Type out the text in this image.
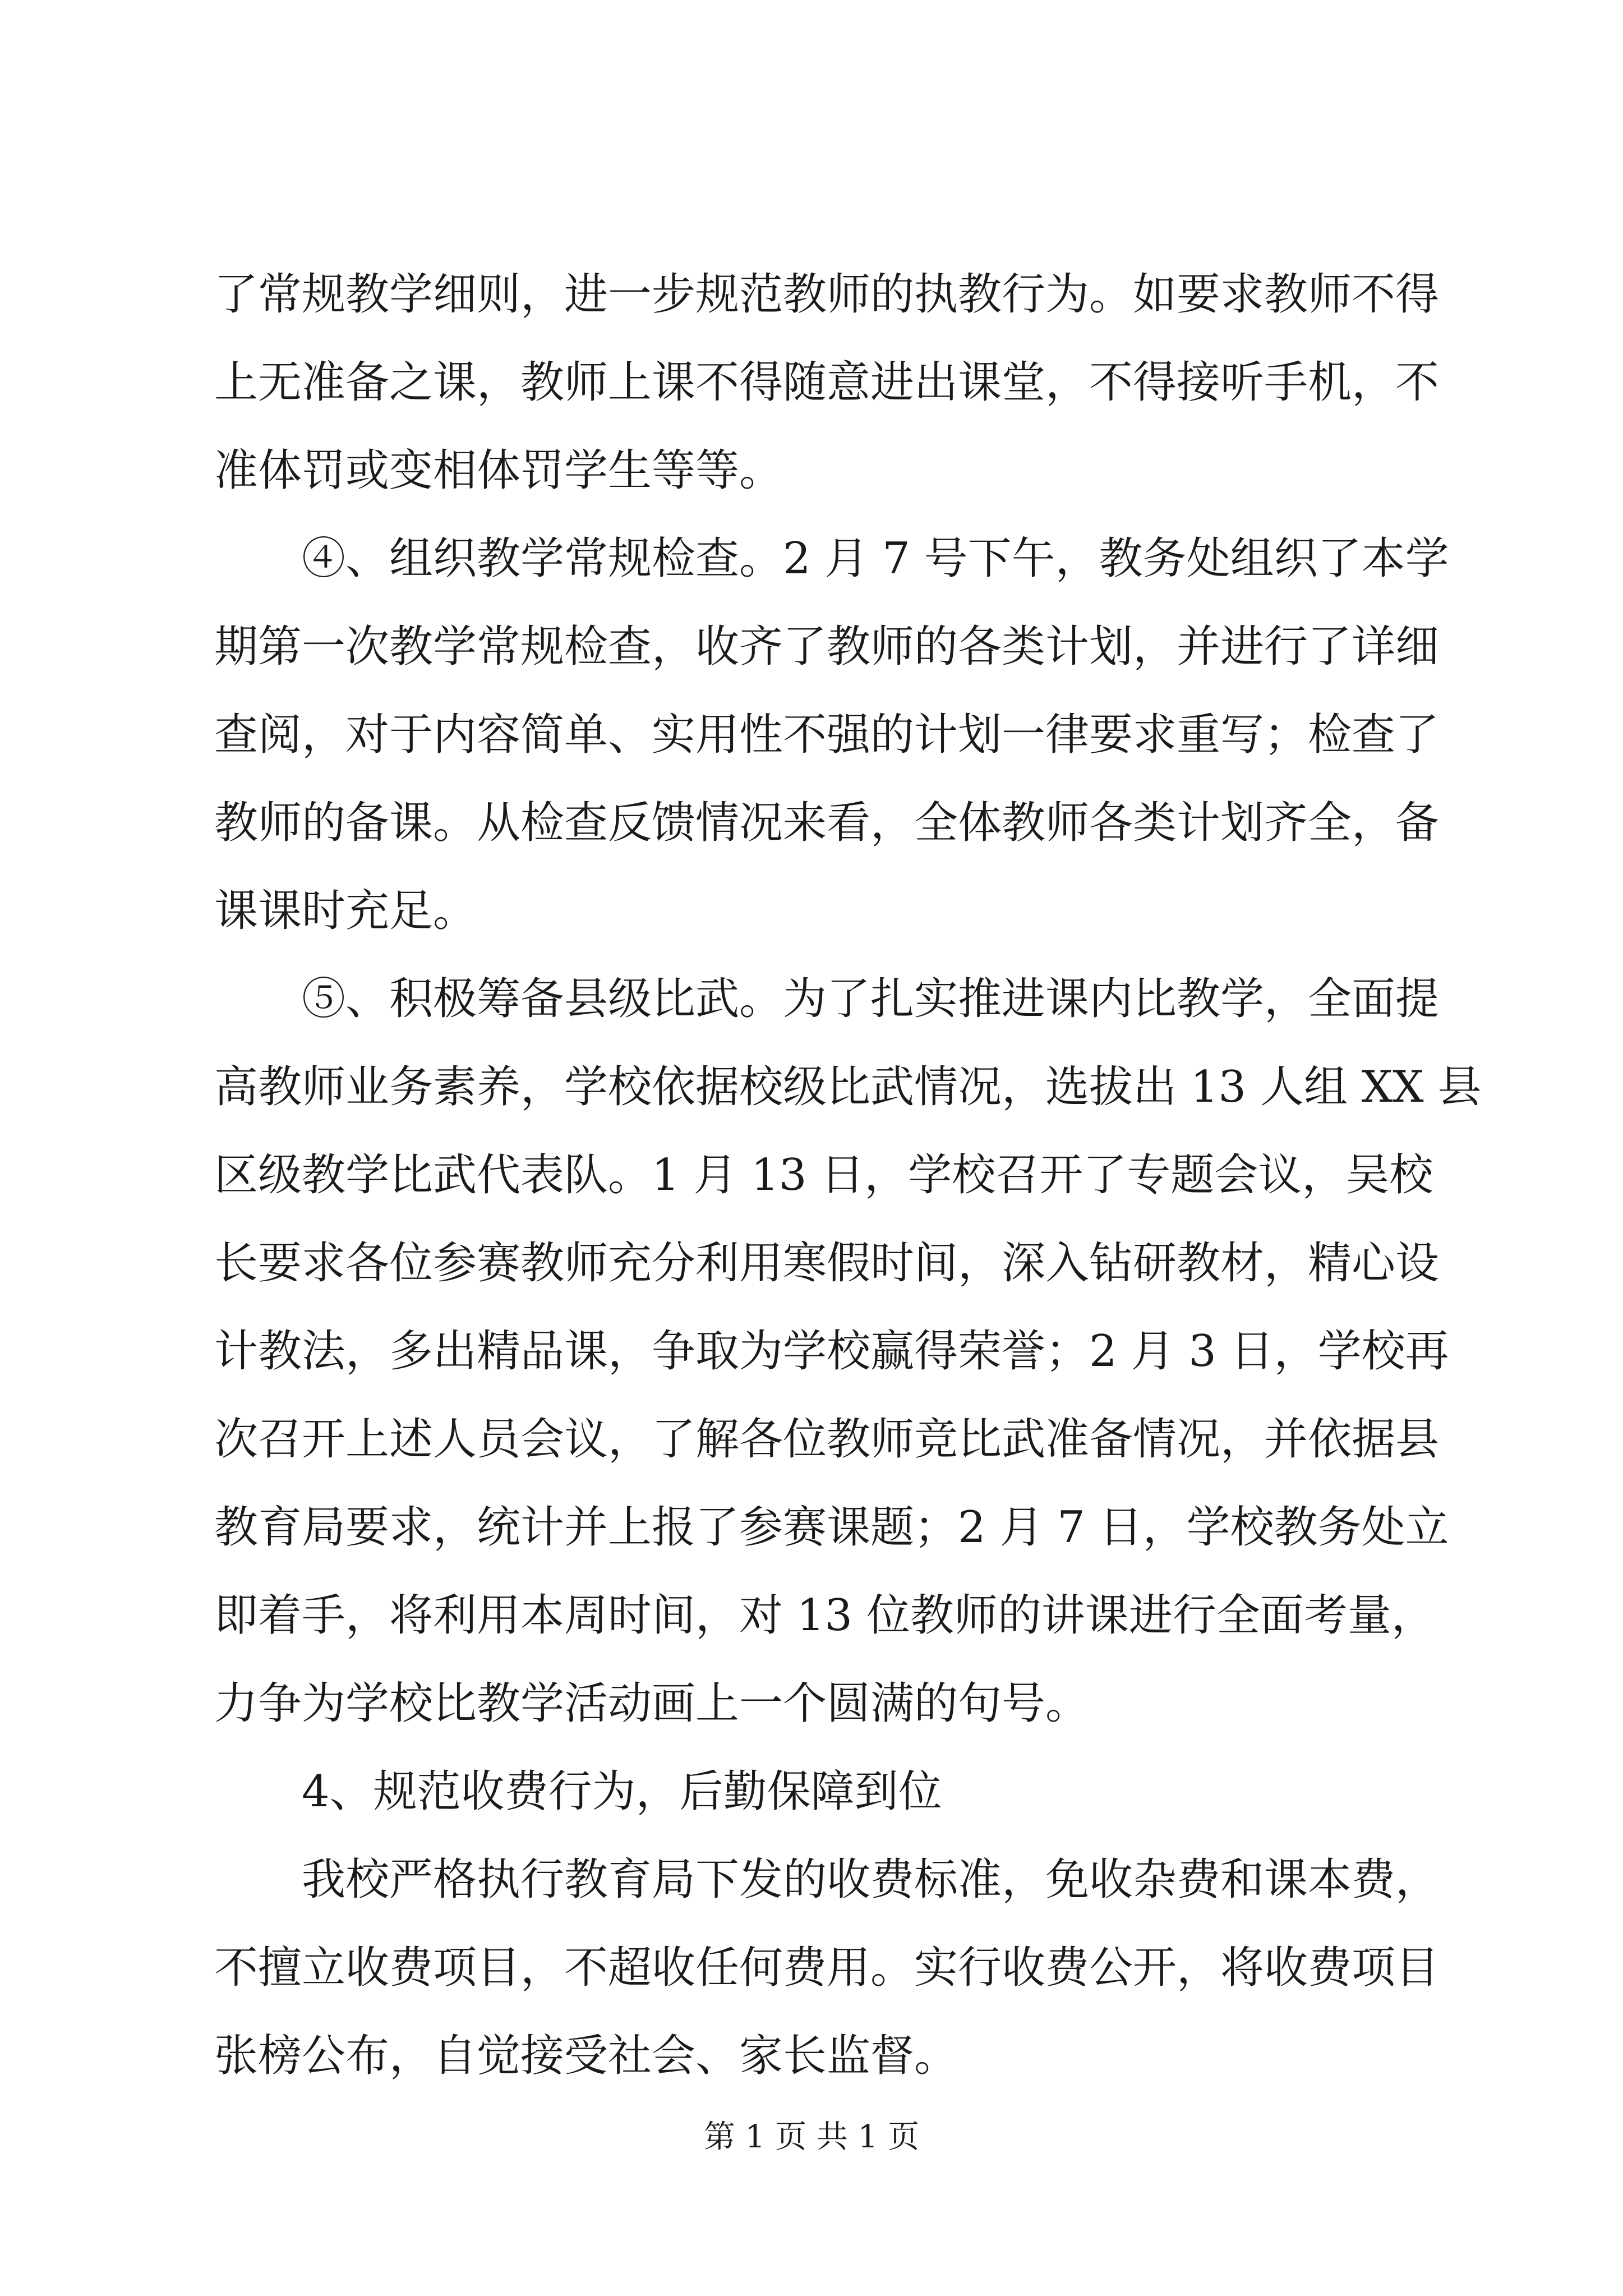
了常规教学细则，进一步规范教师的执教行为。如要求教师不得
上无准备之课，教师上课不得随意进出课堂，不得接听手机，不
准体罚或变相体罚学生等等。
④、组织教学常规检查。2 月 7 号下午，教务处组织了本学
期第一次教学常规检查，收齐了教师的各类计划，并进行了详细
查阅，对于内容简单、实用性不强的计划一律要求重写；检查了
教师的备课。从检查反馈情况来看，全体教师各类计划齐全，备
课课时充足。
⑤、积极筹备县级比武。为了扎实推进课内比教学，全面提
高教师业务素养，学校依据校级比武情况，选拔出 13 人组 XX 县
区级教学比武代表队。1 月 13 日，学校召开了专题会议，吴校
长要求各位参赛教师充分利用寒假时间，深入钻研教材，精心设
计教法，多出精品课，争取为学校赢得荣誉；2 月 3 日，学校再
次召开上述人员会议，了解各位教师竞比武准备情况，并依据县
教育局要求，统计并上报了参赛课题；2 月 7 日，学校教务处立
即着手，将利用本周时间，对 13 位教师的讲课进行全面考量，
力争为学校比教学活动画上一个圆满的句号。
4、规范收费行为，后勤保障到位
我校严格执行教育局下发的收费标准，免收杂费和课本费，
不擅立收费项目，不超收任何费用。实行收费公开，将收费项目
张榜公布，自觉接受社会、家长监督。
第 1 页 共 1 页
